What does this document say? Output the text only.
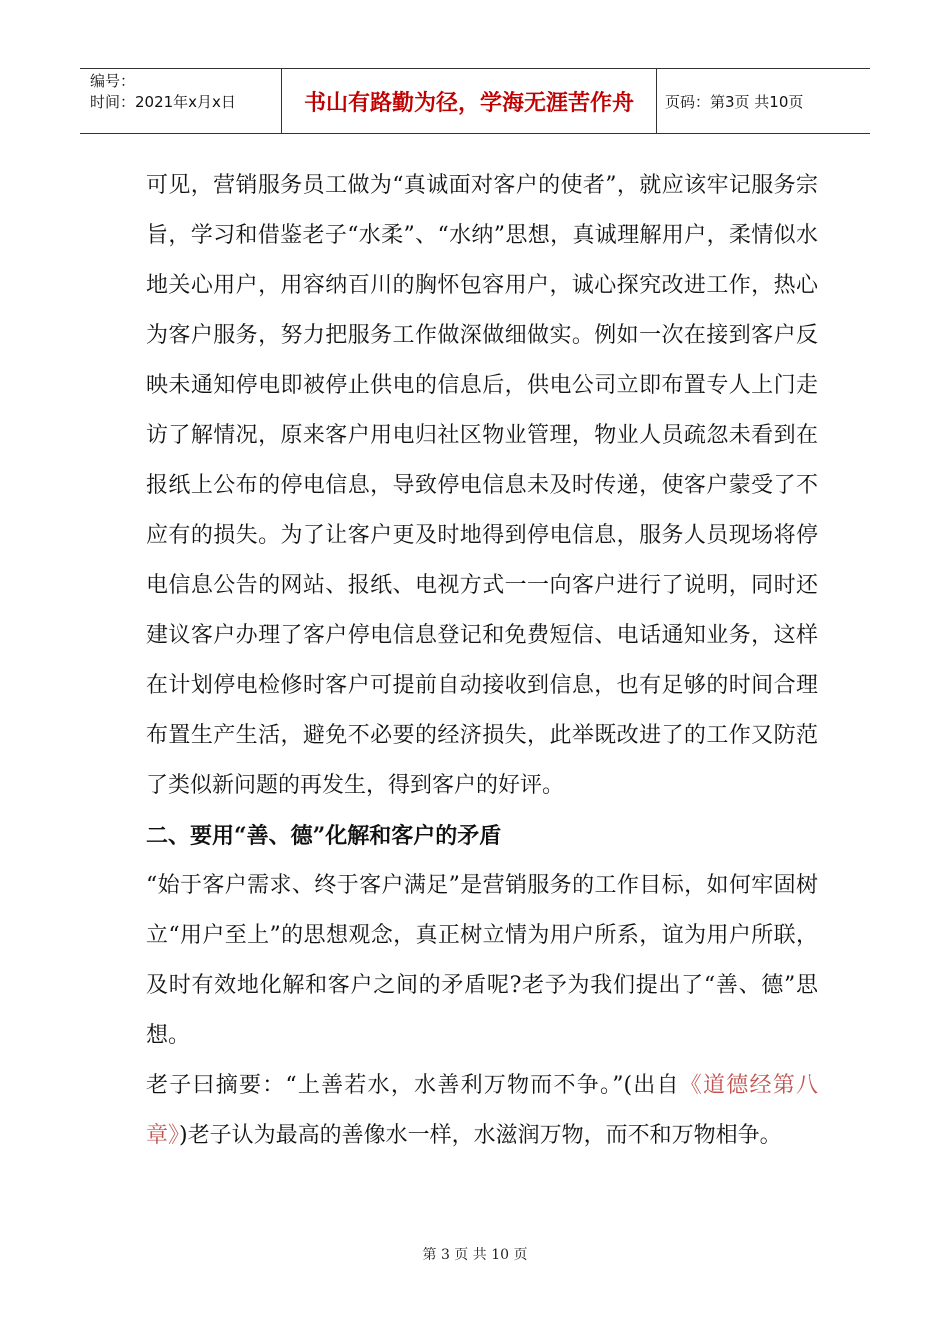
编号：
时间：2021年x月x日	书山有路勤为径，学海无涯苦作舟	页码：第3页 共10页

可见，营销服务员工做为“真诚面对客户的使者”，就应该牢记服务宗旨，学习和借鉴老子“水柔”、“水纳”思想，真诚理解用户，柔情似水地关心用户，用容纳百川的胸怀包容用户，诚心探究改进工作，热心为客户服务，努力把服务工作做深做细做实。例如一次在接到客户反映未通知停电即被停止供电的信息后，供电公司立即布置专人上门走访了解情况，原来客户用电归社区物业管理，物业人员疏忽未看到在报纸上公布的停电信息，导致停电信息未及时传递，使客户蒙受了不应有的损失。为了让客户更及时地得到停电信息，服务人员现场将停电信息公告的网站、报纸、电视方式一一向客户进行了说明，同时还建议客户办理了客户停电信息登记和免费短信、电话通知业务，这样在计划停电检修时客户可提前自动接收到信息，也有足够的时间合理布置生产生活，避免不必要的经济损失，此举既改进了的工作又防范了类似新问题的再发生，得到客户的好评。

二、要用“善、德”化解和客户的矛盾

“始于客户需求、终于客户满足”是营销服务的工作目标，如何牢固树立“用户至上”的思想观念，真正树立情为用户所系，谊为用户所联，及时有效地化解和客户之间的矛盾呢?老予为我们提出了“善、德”思想。

老子曰摘要：“上善若水，水善利万物而不争。”(出自《道德经第八章》)老子认为最高的善像水一样，水滋润万物，而不和万物相争。

第 3 页 共 10 页
